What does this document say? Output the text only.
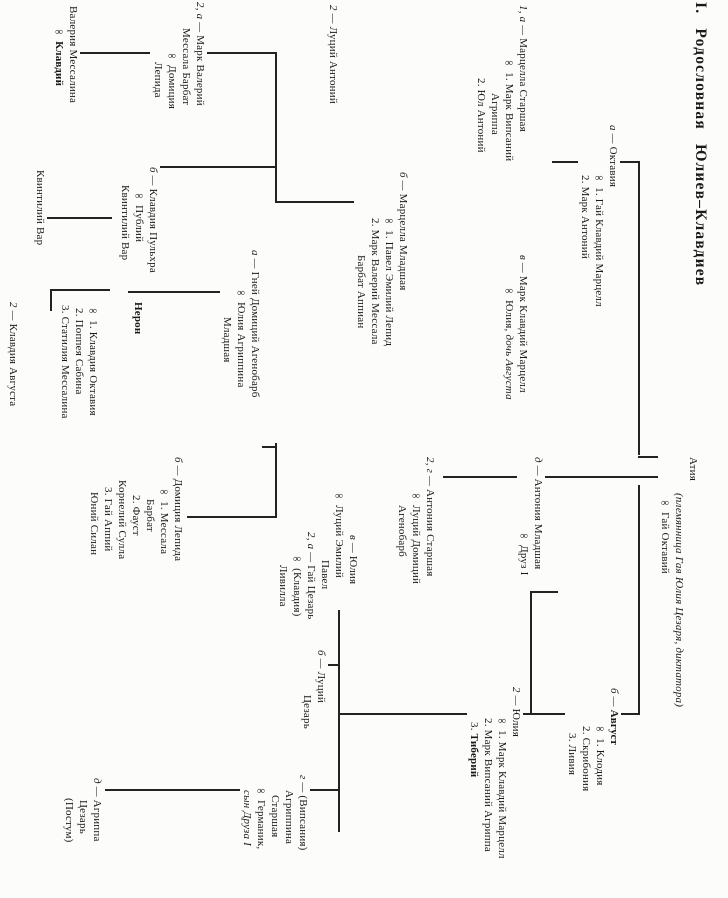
I. Родословная Юлиев–Клавдиев
Атия
(племянница Гая Юлия Цезаря, диктатора)
∞ Гай Октавий
б — Август
∞ 1. Клодия
2. Скрибония
3. Ливия
2 — Юлия
∞ 1. Марк Клавдий Марцелл
2. Марк Випсаний Агриппа
3. Тиберий
а — Октавия
∞ 1. Гай Клавдий Марцелл
2. Марк Антоний
1, а — Марцелла Старшая
∞ 1. Марк Випсаний
Агриппа
2. Юл Антоний
2 — Луций Антоний
б — Марцелла Младшая
∞ 1. Павел Эмилий Лепид
2. Марк Валерий Мессала
Барбат Аппиан	в — Марк Клавдий Марцелл
∞ Юлия, дочь Августа
2, г — Антония Старшая
∞ Луций Домиций
Агенобарб
д — Антония Младшая
∞ Друз I
2, а — Марк Валерий
Мессала Барбат
∞ Домиция
Лепида
Валерия Мессалина
∞ Клавдий
б — Клавдия Пульхра
∞ Публий
Квинтилий Вар
Квинтилий Вар
Нерон
∞ 1. Клавдия Октавия
2. Поппея Сабина
3. Статилия Мессалина
2 — Клавдия Августа
а — Гней Домиций Агенобарб
∞ Юлия Агриппина
Младшая
б — Домиция Лепида
∞ 1. Мессала
Барбат
2. Фауст
Корнелий Сулла
3. Гай Аппий
Юний Силан	2, а — Гай Цезарь
∞ (Клавдия)
Ливилла
б — Луций
Цезарь
в — Юлия
∞ Луций Эмилий
Павел
г — (Випсания)
Агриппина
Старшая
∞ Германик,
сын Друза I
д — Агриппа
Цезарь
(Постум)
